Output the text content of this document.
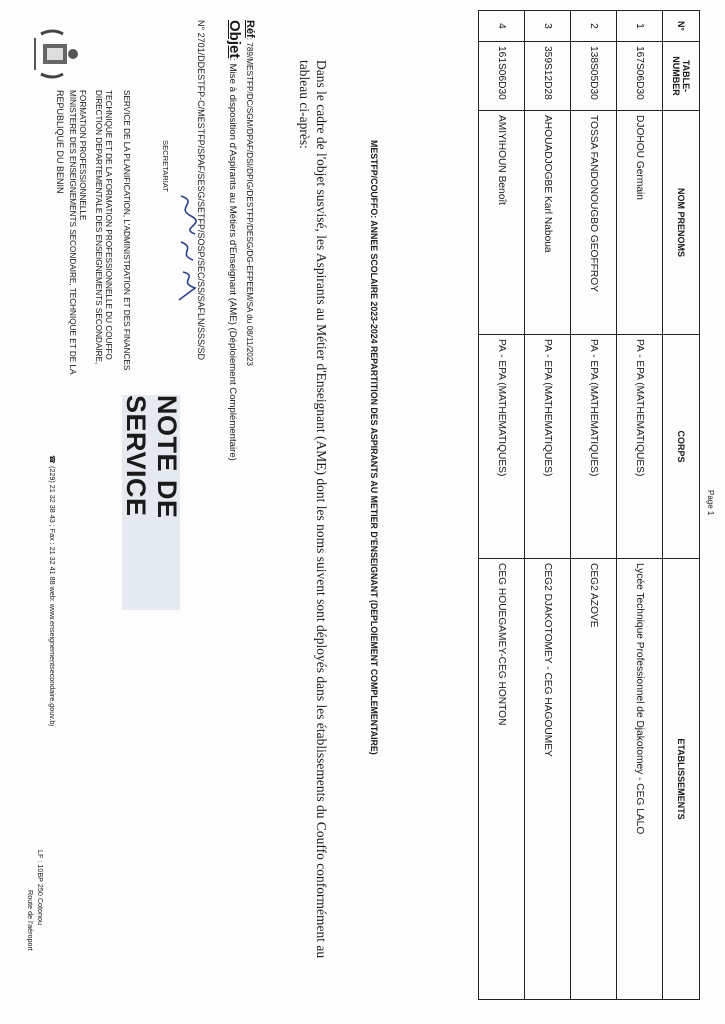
REPUBLIQUE DU BENIN MINISTERE DES ENSEIGNEMENTS SECONDAIRE, TECHNIQUE ET DE LA FORMATION PROFESSIONNELLE DIRECTION DEPARTEMENTALE DES ENSEIGNEMENTS SECONDAIRE, TECHNIQUE ET DE LA FORMATION PROFESSIONNELLE DU COUFFO SERVICE DE LA PLANIFICATION, L'ADMINISTRATION ET DES FINANCES
Route de l'aéroport LF : 10BP 250 Cotonou
☎ (229) 21 32 38 43 ; Fax : 21 32 41 88 web: www.enseignementsecondaire.gouv.bj	NOTE DE SERVICE
SECRETARIAT	N° 2701/DDESTFP-C/MESTFP/SPAF/SESG/SETFP/SOSP/SEC/SS/SAFLN/SSS/SD Objet: Mise à disposition d'Aspirants au Métiers d'Enseignant (AME) (Déploiement Complémentaire)
Réf: 789/MESTFP/DC/SGM/DPAF/DSI/DPIG/DESTFP/DESG/DG-EFPEEM/SA du 08/11/2023	Dans le cadre de l'objet susvisé, les Aspirants au Métier d'Enseignant (AME) dont les noms suivent sont déployés dans les établissements du Couffo conformément au tableau ci-après:
MESTFP/COUFFO: ANNEE SCOLAIRE 2023-2024 REPARTITION DES ASPIRANTS AU METIER D'ENSEIGNANT (DEPLOIEMENT COMPLEMENTAIRE)
N°	TABLE-NUMBER	NOM PRENOMS	CORPS	ETABLISSEMENTS
1	167S06D30	DJOHOU Germain	PA - EPA (MATHEMATIQUES)	Lycée Technique Professionnel de Djakotomey - CEG LALO
2	138S05D30	TOSSA FANDONOUGBO GEOFFROY	PA - EPA (MATHEMATIQUES)	CEG2 AZOVE
3	359S12D28	AHOUADJOGBE Karl Naboua	PA - EPA (MATHEMATIQUES)	CEG2 DJAKOTOMEY - CEG HAGOUMEY
4	161S06D30	AMIYIHOUN Benoît	PA - EPA (MATHEMATIQUES)	CEG HOUEGAMEY-CEG HONTON
Page 1
